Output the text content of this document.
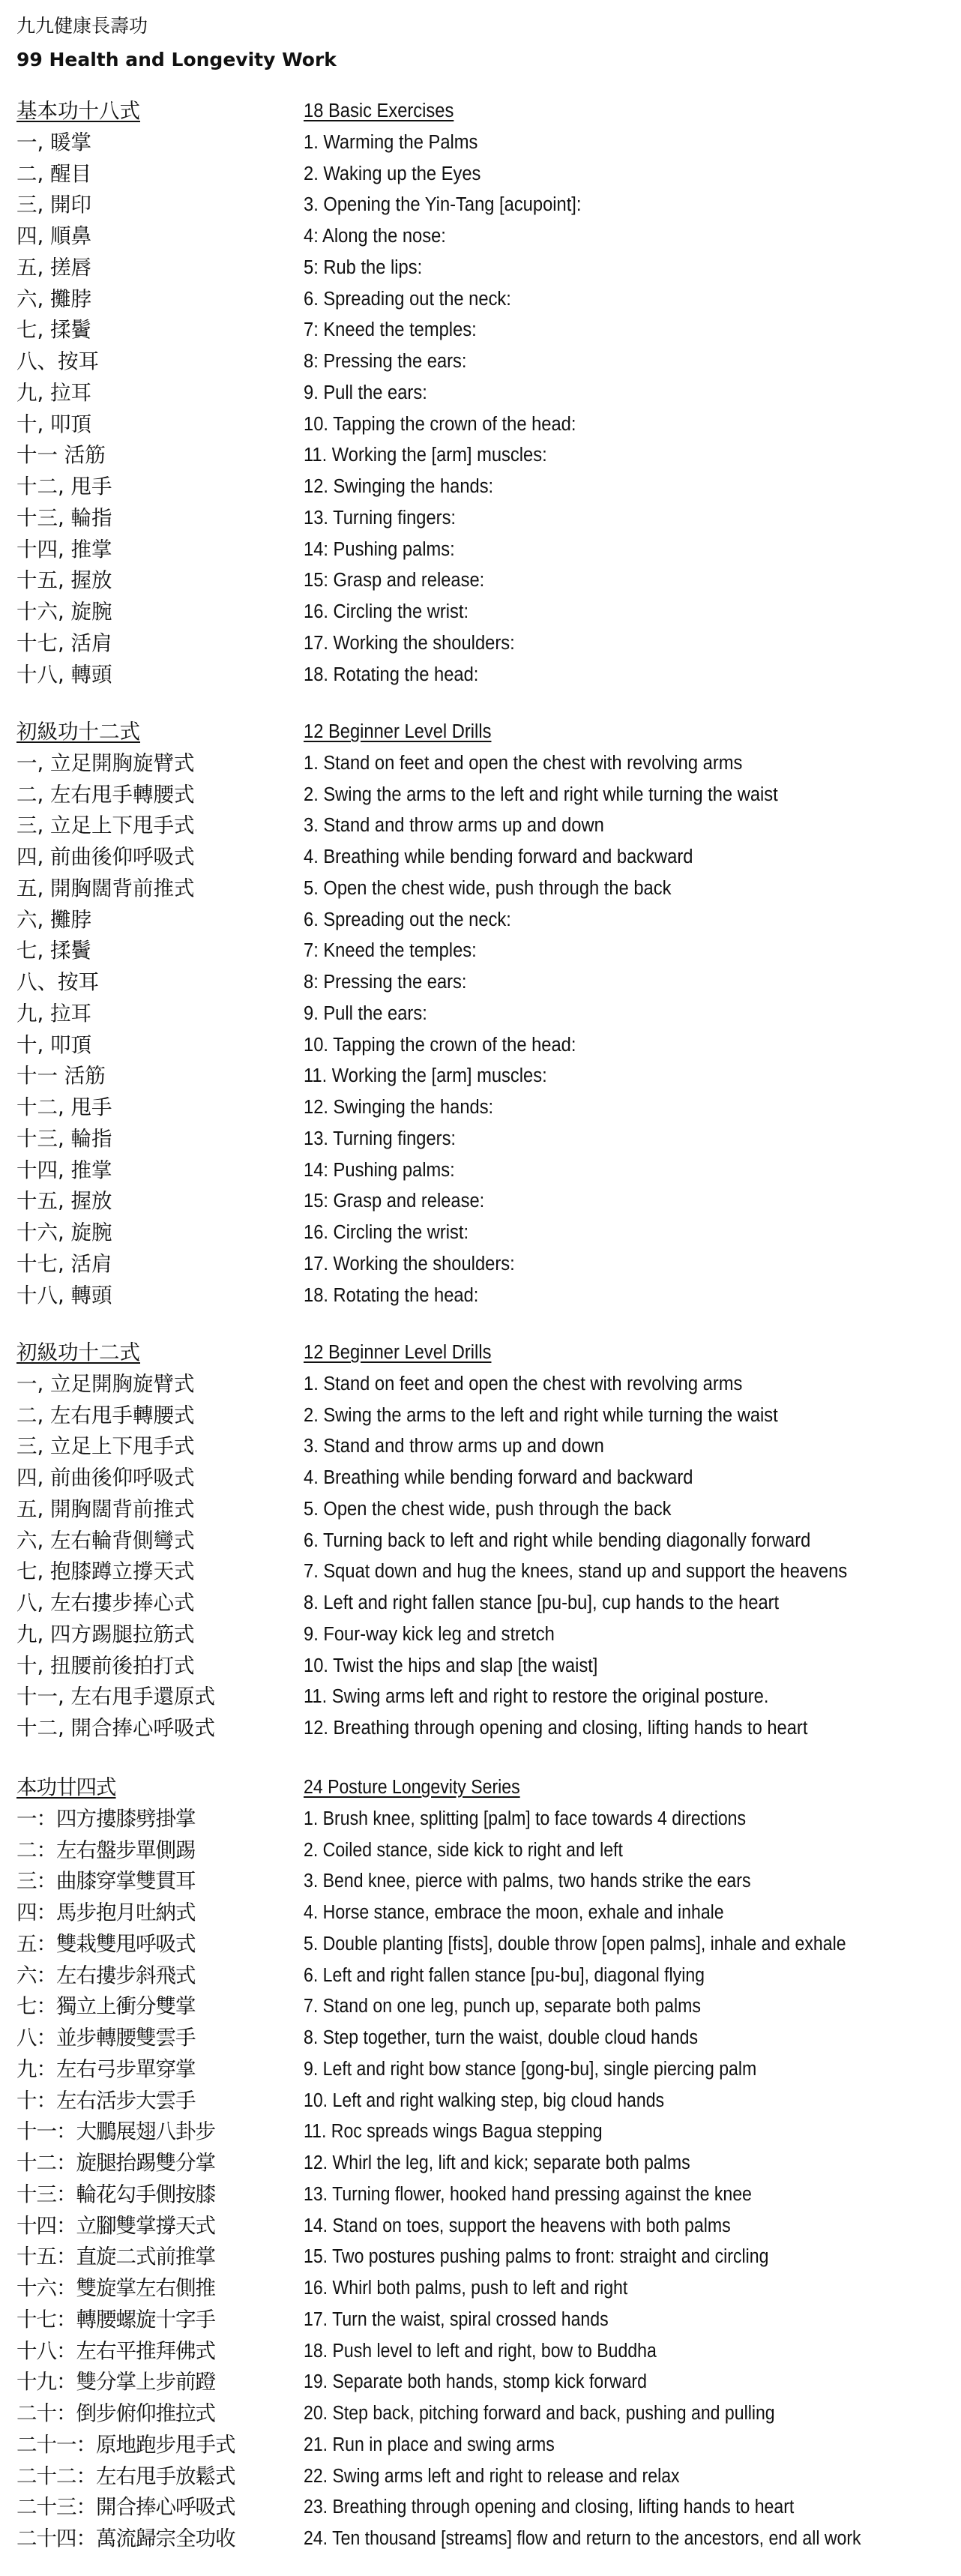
九九健康長壽功
99 Health and Longevity Work
基本功十八式	18 Basic Exercises
一, 暖掌	1. Warming the Palms
二, 醒目	2. Waking up the Eyes
三, 開印	3. Opening the Yin-Tang [acupoint]:
四, 順鼻	4: Along the nose:
五, 搓唇	5: Rub the lips:
六, 攤脖	6. Spreading out the neck:
七, 揉鬢	7: Kneed the temples:
八、按耳	8: Pressing the ears:
九, 拉耳	9. Pull the ears:
十, 叩頂	10. Tapping the crown of the head:
十一 活筋	11. Working the [arm] muscles:
十二, 甩手	12. Swinging the hands:
十三, 輪指	13. Turning fingers:
十四, 推掌	14: Pushing palms:
十五, 握放	15: Grasp and release:
十六, 旋腕	16. Circling the wrist:
十七, 活肩	17. Working the shoulders:
十八, 轉頭	18. Rotating the head:
初級功十二式	12 Beginner Level Drills
一, 立足開胸旋臂式	1. Stand on feet and open the chest with revolving arms
二, 左右甩手轉腰式	2. Swing the arms to the left and right while turning the waist
三, 立足上下甩手式	3. Stand and throw arms up and down
四, 前曲後仰呼吸式	4. Breathing while bending forward and backward
五, 開胸闊背前推式	5. Open the chest wide, push through the back
六, 攤脖	6. Spreading out the neck:
七, 揉鬢	7: Kneed the temples:
八、按耳	8: Pressing the ears:
九, 拉耳	9. Pull the ears:
十, 叩頂	10. Tapping the crown of the head:
十一 活筋	11. Working the [arm] muscles:
十二, 甩手	12. Swinging the hands:
十三, 輪指	13. Turning fingers:
十四, 推掌	14: Pushing palms:
十五, 握放	15: Grasp and release:
十六, 旋腕	16. Circling the wrist:
十七, 活肩	17. Working the shoulders:
十八, 轉頭	18. Rotating the head:
初級功十二式	12 Beginner Level Drills
一, 立足開胸旋臂式	1. Stand on feet and open the chest with revolving arms
二, 左右甩手轉腰式	2. Swing the arms to the left and right while turning the waist
三, 立足上下甩手式	3. Stand and throw arms up and down
四, 前曲後仰呼吸式	4. Breathing while bending forward and backward
五, 開胸闊背前推式	5. Open the chest wide, push through the back
六, 左右輪背側彎式	6. Turning back to left and right while bending diagonally forward
七, 抱膝蹲立撐天式	7. Squat down and hug the knees, stand up and support the heavens
八, 左右摟步捧心式	8. Left and right fallen stance [pu-bu], cup hands to the heart
九, 四方踢腿拉筋式	9. Four-way kick leg and stretch
十, 扭腰前後拍打式	10. Twist the hips and slap [the waist]
十一, 左右甩手還原式	11. Swing arms left and right to restore the original posture.
十二, 開合捧心呼吸式	12. Breathing through opening and closing, lifting hands to heart
本功廿四式	24 Posture Longevity Series
一：四方摟膝劈掛掌	1. Brush knee, splitting [palm] to face towards 4 directions
二：左右盤步單側踢	2. Coiled stance, side kick to right and left
三：曲膝穿掌雙貫耳	3. Bend knee, pierce with palms, two hands strike the ears
四：馬步抱月吐納式	4. Horse stance, embrace the moon, exhale and inhale
五：雙栽雙甩呼吸式	5. Double planting [fists], double throw [open palms], inhale and exhale
六：左右摟步斜飛式	6. Left and right fallen stance [pu-bu], diagonal flying
七：獨立上衝分雙掌	7. Stand on one leg, punch up, separate both palms
八：並步轉腰雙雲手	8. Step together, turn the waist, double cloud hands
九：左右弓步單穿掌	9. Left and right bow stance [gong-bu], single piercing palm
十：左右活步大雲手	10. Left and right walking step, big cloud hands
十一：大鵬展翅八卦步	11. Roc spreads wings Bagua stepping
十二：旋腿抬踢雙分掌	12. Whirl the leg, lift and kick; separate both palms
十三：輪花勾手側按膝	13. Turning flower, hooked hand pressing against the knee
十四：立腳雙掌撐天式	14. Stand on toes, support the heavens with both palms
十五：直旋二式前推掌	15. Two postures pushing palms to front: straight and circling
十六：雙旋掌左右側推	16. Whirl both palms, push to left and right
十七：轉腰螺旋十字手	17. Turn the waist, spiral crossed hands
十八：左右平推拜佛式	18. Push level to left and right, bow to Buddha
十九：雙分掌上步前蹬	19. Separate both hands, stomp kick forward
二十：倒步俯仰推拉式	20. Step back, pitching forward and back, pushing and pulling
二十一：原地跑步甩手式	21. Run in place and swing arms
二十二：左右甩手放鬆式	22. Swing arms left and right to release and relax
二十三：開合捧心呼吸式	23. Breathing through opening and closing, lifting hands to heart
二十四：萬流歸宗全功收	24. Ten thousand [streams] flow and return to the ancestors, end all work
